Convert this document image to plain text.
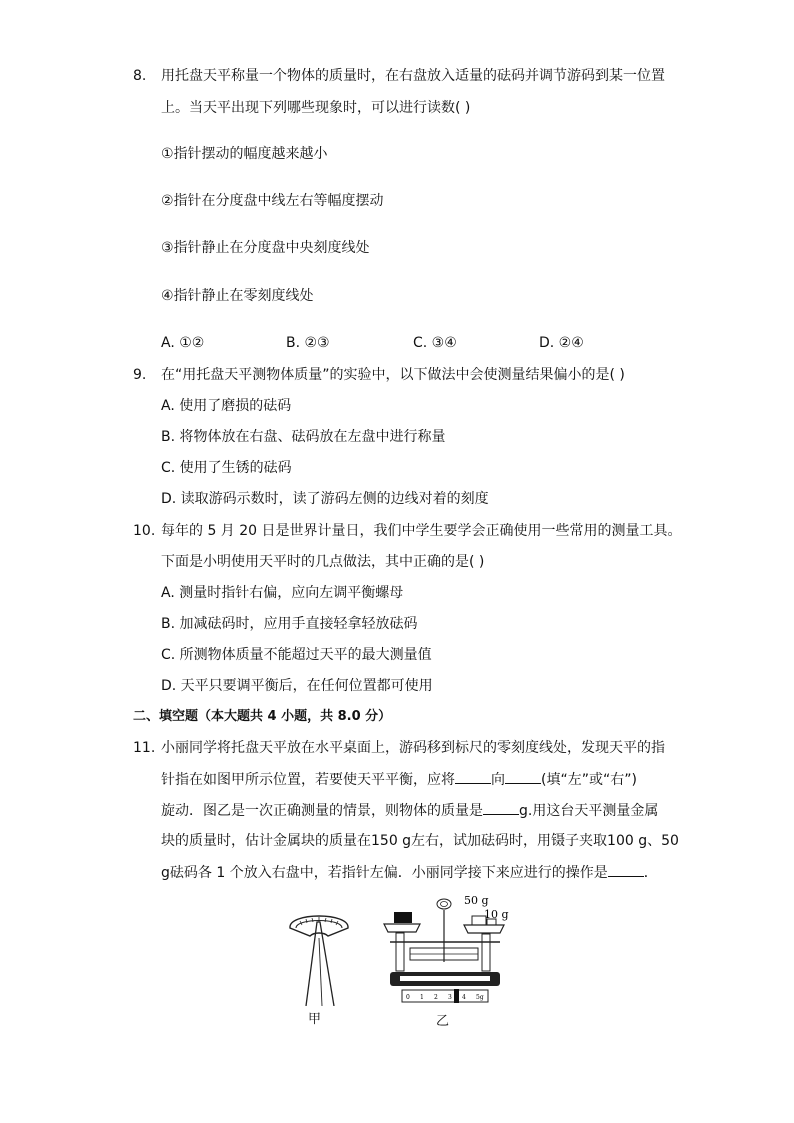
8. 用托盘天平称量一个物体的质量时，在右盘放入适量的砝码并调节游码到某一位置
上。当天平出现下列哪些现象时，可以进行读数( )
①指针摆动的幅度越来越小
②指针在分度盘中线左右等幅度摆动
③指针静止在分度盘中央刻度线处
④指针静止在零刻度线处
A. ①②	B. ②③	C. ③④	D. ②④
9. 在“用托盘天平测物体质量”的实验中，以下做法中会使测量结果偏小的是( )
A. 使用了磨损的砝码
B. 将物体放在右盘、砝码放在左盘中进行称量
C. 使用了生锈的砝码
D. 读取游码示数时，读了游码左侧的边线对着的刻度
10. 每年的 5 月 20 日是世界计量日，我们中学生要学会正确使用一些常用的测量工具。
下面是小明使用天平时的几点做法，其中正确的是( )
A. 测量时指针右偏，应向左调平衡螺母
B. 加减砝码时，应用手直接轻拿轻放砝码
C. 所测物体质量不能超过天平的最大测量值
D. 天平只要调平衡后，在任何位置都可使用
二、填空题（本大题共 4 小题，共 8.0 分）
11. 小丽同学将托盘天平放在水平桌面上，游码移到标尺的零刻度线处，发现天平的指
针指在如图甲所示位置，若要使天平平衡，应将	向	(填“左”或“右”)
旋动．图乙是一次正确测量的情景，则物体的质量是	g.用这台天平测量金属
块的质量时，估计金属块的质量在150 g左右，试加砝码时，用镊子夹取100 g、50
g砝码各 1 个放入右盘中，若指针左偏．小丽同学接下来应进行的操作是	．
甲
0 1 2 3 4 5g
50 g
10 g
乙
